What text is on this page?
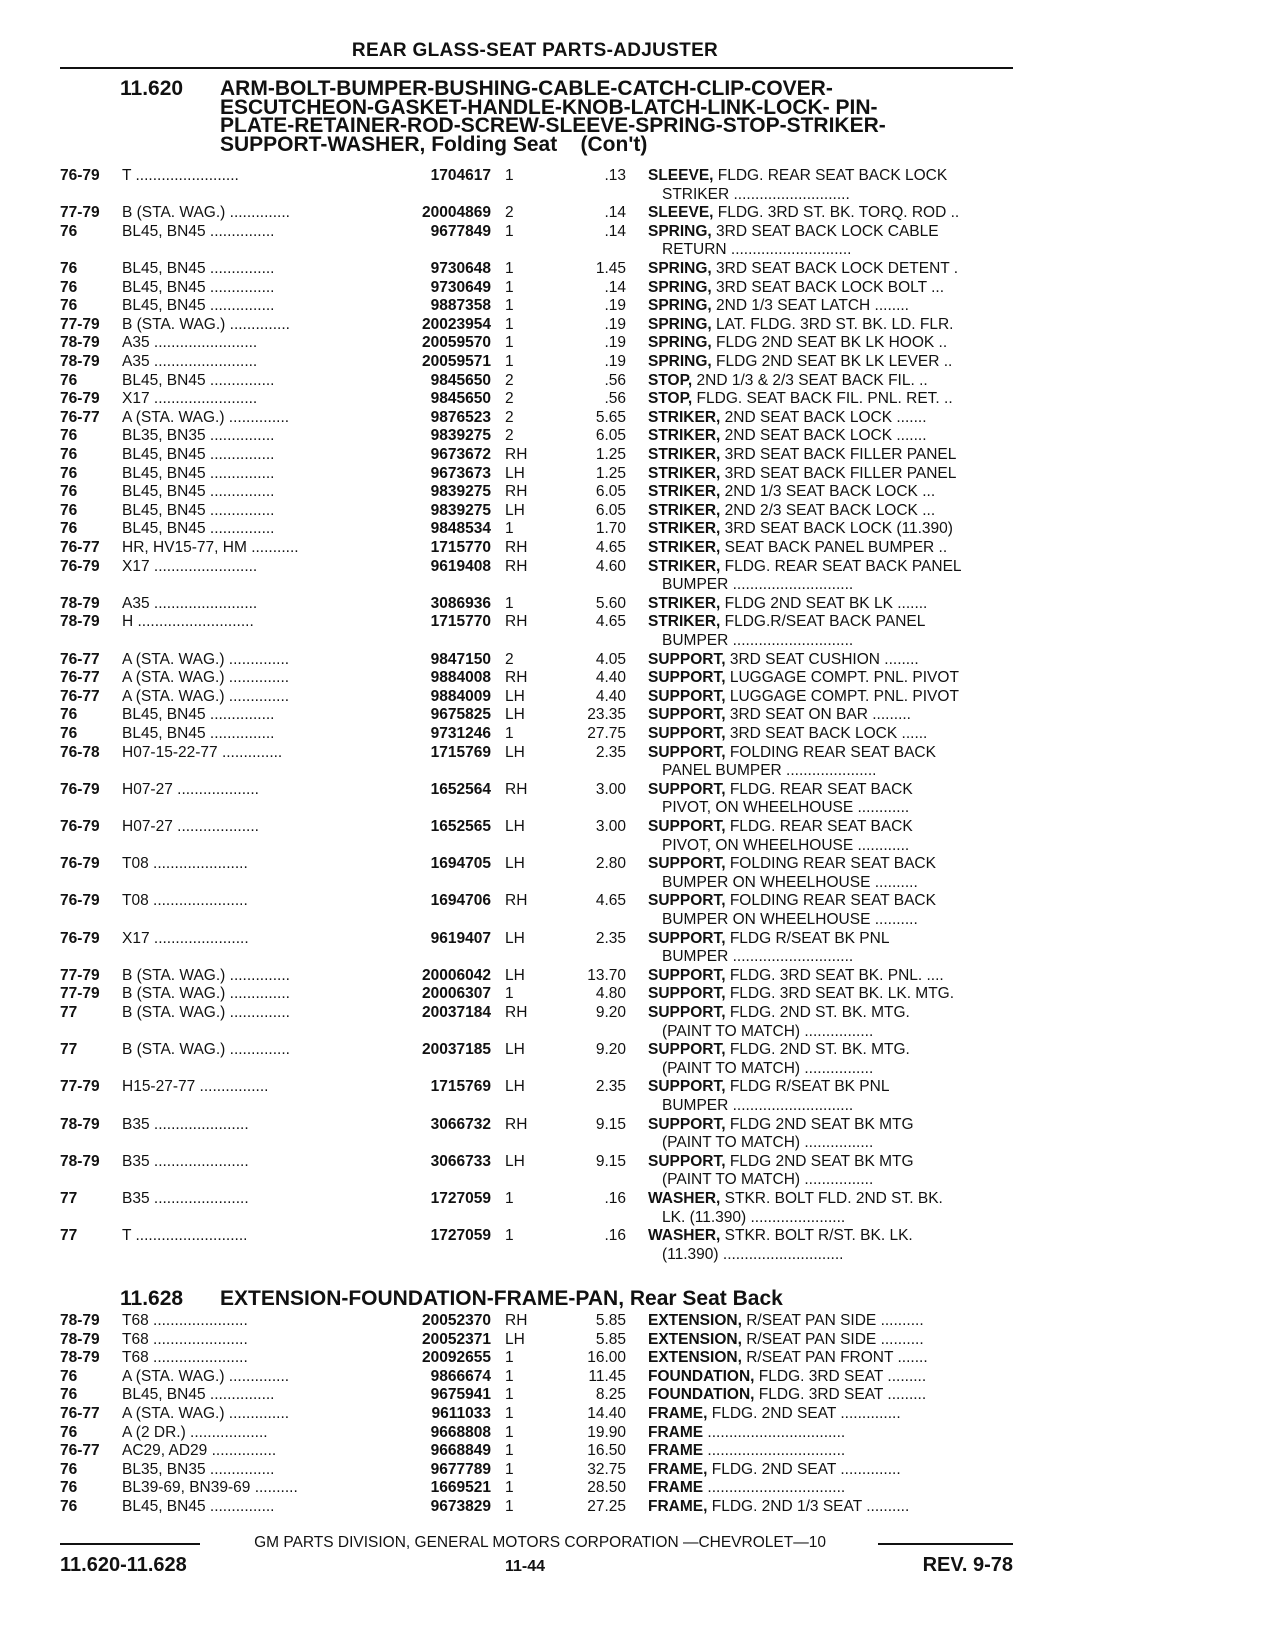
REAR GLASS-SEAT PARTS-ADJUSTER
11.620 ARM-BOLT-BUMPER-BUSHING-CABLE-CATCH-CLIP-COVER-
ESCUTCHEON-GASKET-HANDLE-KNOB-LATCH-LINK-LOCK- PIN-
PLATE-RETAINER-ROD-SCREW-SLEEVE-SPRING-STOP-STRIKER-
SUPPORT-WASHER, Folding Seat    (Con't)
11.628 EXTENSION-FOUNDATION-FRAME-PAN, Rear Seat Back
76-79	T ........................	1704617 1	.13 SLEEVE, FLDG. REAR SEAT BACK LOCK
STRIKER ...........................
77-79	B (STA. WAG.) ..............	20004869 2	.14 SLEEVE, FLDG. 3RD ST. BK. TORQ. ROD ..
76	BL45, BN45 ...............	9677849 1	.14 SPRING, 3RD SEAT BACK LOCK CABLE
RETURN ............................
76	BL45, BN45 ...............	9730648 1	1.45 SPRING, 3RD SEAT BACK LOCK DETENT .
76	BL45, BN45 ...............	9730649 1	.14 SPRING, 3RD SEAT BACK LOCK BOLT ...
76	BL45, BN45 ...............	9887358 1	.19 SPRING, 2ND 1/3 SEAT LATCH ........
77-79	B (STA. WAG.) ..............	20023954 1	.19 SPRING, LAT. FLDG. 3RD ST. BK. LD. FLR.
78-79	A35 ........................	20059570 1	.19 SPRING, FLDG 2ND SEAT BK LK HOOK ..
78-79	A35 ........................	20059571 1	.19 SPRING, FLDG 2ND SEAT BK LK LEVER ..
76	BL45, BN45 ...............	9845650 2	.56 STOP, 2ND 1/3 & 2/3 SEAT BACK FIL. ..
76-79	X17 ........................	9845650 2	.56 STOP, FLDG. SEAT BACK FIL. PNL. RET. ..
76-77	A (STA. WAG.) ..............	9876523 2	5.65 STRIKER, 2ND SEAT BACK LOCK .......
76	BL35, BN35 ...............	9839275 2	6.05 STRIKER, 2ND SEAT BACK LOCK .......
76	BL45, BN45 ...............	9673672 RH	1.25 STRIKER, 3RD SEAT BACK FILLER PANEL
76	BL45, BN45 ...............	9673673 LH	1.25 STRIKER, 3RD SEAT BACK FILLER PANEL
76	BL45, BN45 ...............	9839275 RH	6.05 STRIKER, 2ND 1/3 SEAT BACK LOCK ...
76	BL45, BN45 ...............	9839275 LH	6.05 STRIKER, 2ND 2/3 SEAT BACK LOCK ...
76	BL45, BN45 ...............	9848534 1	1.70 STRIKER, 3RD SEAT BACK LOCK (11.390)
76-77	HR, HV15-77, HM ...........	1715770 RH	4.65 STRIKER, SEAT BACK PANEL BUMPER ..
76-79	X17 ........................	9619408 RH	4.60 STRIKER, FLDG. REAR SEAT BACK PANEL
BUMPER ............................
78-79	A35 ........................	3086936 1	5.60 STRIKER, FLDG 2ND SEAT BK LK .......
78-79	H ...........................	1715770 RH	4.65 STRIKER, FLDG.R/SEAT BACK PANEL
BUMPER ............................
76-77	A (STA. WAG.) ..............	9847150 2	4.05 SUPPORT, 3RD SEAT CUSHION ........
76-77	A (STA. WAG.) ..............	9884008 RH	4.40 SUPPORT, LUGGAGE COMPT. PNL. PIVOT
76-77	A (STA. WAG.) ..............	9884009 LH	4.40 SUPPORT, LUGGAGE COMPT. PNL. PIVOT
76	BL45, BN45 ...............	9675825 LH	23.35 SUPPORT, 3RD SEAT ON BAR .........
76	BL45, BN45 ...............	9731246 1	27.75 SUPPORT, 3RD SEAT BACK LOCK ......
76-78	H07-15-22-77 ..............	1715769 LH	2.35 SUPPORT, FOLDING REAR SEAT BACK
PANEL BUMPER .....................
76-79	H07-27 ...................	1652564 RH	3.00 SUPPORT, FLDG. REAR SEAT BACK
PIVOT, ON WHEELHOUSE ............
76-79	H07-27 ...................	1652565 LH	3.00 SUPPORT, FLDG. REAR SEAT BACK
PIVOT, ON WHEELHOUSE ............
76-79	T08 ......................	1694705 LH	2.80 SUPPORT, FOLDING REAR SEAT BACK
BUMPER ON WHEELHOUSE ..........
76-79	T08 ......................	1694706 RH	4.65 SUPPORT, FOLDING REAR SEAT BACK
BUMPER ON WHEELHOUSE ..........
76-79	X17 ......................	9619407 LH	2.35 SUPPORT, FLDG R/SEAT BK PNL
BUMPER ............................
77-79	B (STA. WAG.) ..............	20006042 LH	13.70 SUPPORT, FLDG. 3RD SEAT BK. PNL. ....
77-79	B (STA. WAG.) ..............	20006307 1	4.80 SUPPORT, FLDG. 3RD SEAT BK. LK. MTG.
77	B (STA. WAG.) ..............	20037184 RH	9.20 SUPPORT, FLDG. 2ND ST. BK. MTG.
(PAINT TO MATCH) ................
77	B (STA. WAG.) ..............	20037185 LH	9.20 SUPPORT, FLDG. 2ND ST. BK. MTG.
(PAINT TO MATCH) ................
77-79	H15-27-77 ................	1715769 LH	2.35 SUPPORT, FLDG R/SEAT BK PNL
BUMPER ............................
78-79	B35 ......................	3066732 RH	9.15 SUPPORT, FLDG 2ND SEAT BK MTG
(PAINT TO MATCH) ................
78-79	B35 ......................	3066733 LH	9.15 SUPPORT, FLDG 2ND SEAT BK MTG
(PAINT TO MATCH) ................
77	B35 ......................	1727059 1	.16 WASHER, STKR. BOLT FLD. 2ND ST. BK.
LK. (11.390) ......................
77	T ..........................	1727059 1	.16 WASHER, STKR. BOLT R/ST. BK. LK.
(11.390) ............................
78-79	T68 ......................	20052370 RH	5.85 EXTENSION, R/SEAT PAN SIDE ..........
78-79	T68 ......................	20052371 LH	5.85 EXTENSION, R/SEAT PAN SIDE ..........
78-79	T68 ......................	20092655 1	16.00 EXTENSION, R/SEAT PAN FRONT .......
76	A (STA. WAG.) ..............	9866674 1	11.45 FOUNDATION, FLDG. 3RD SEAT .........
76	BL45, BN45 ...............	9675941 1	8.25 FOUNDATION, FLDG. 3RD SEAT .........
76-77	A (STA. WAG.) ..............	9611033 1	14.40 FRAME, FLDG. 2ND SEAT ..............
76	A (2 DR.) ..................	9668808 1	19.90 FRAME ................................
76-77	AC29, AD29 ...............	9668849 1	16.50 FRAME ................................
76	BL35, BN35 ...............	9677789 1	32.75 FRAME, FLDG. 2ND SEAT ..............
76	BL39-69, BN39-69 ..........	1669521 1	28.50 FRAME ................................
76	BL45, BN45 ...............	9673829 1	27.25 FRAME, FLDG. 2ND 1/3 SEAT ..........
GM PARTS DIVISION, GENERAL MOTORS CORPORATION —CHEVROLET—10
11.620-11.628	11-44	REV. 9-78
